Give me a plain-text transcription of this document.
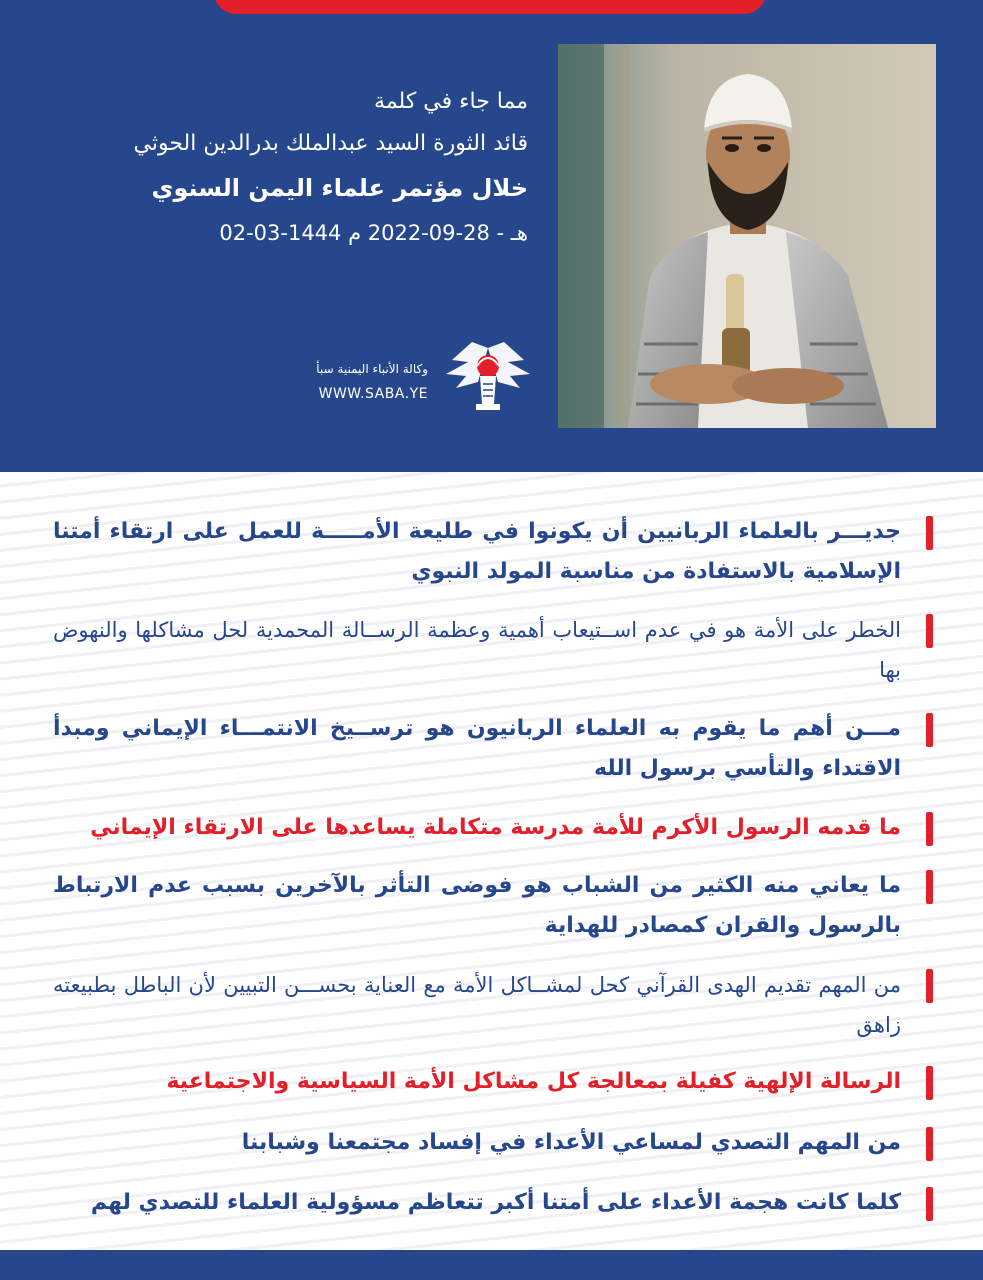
مما جاء في كلمة
قائد الثورة السيد عبدالملك بدرالدين الحوثي
خلال مؤتمر علماء اليمن السنوي
02-03-1444 هـ - 28-09-2022 م
وكالة الأنباء اليمنية سبأ
WWW.SABA.YE
جديـــر بالعلماء الربانيين أن يكونوا في طليعة الأمـــــة للعمل على ارتقاء أمتنا الإسلامية بالاستفادة من مناسبة المولد النبوي
الخطر على الأمة هو في عدم اســتيعاب أهمية وعظمة الرســالة المحمدية لحل مشاكلها والنهوض بها
مـــن أهم ما يقوم به العلماء الربانيون هو ترســيخ الانتمـــاء الإيماني ومبدأ الاقتداء والتأسي برسول الله
ما قدمه الرسول الأكرم للأمة مدرسة متكاملة يساعدها على الارتقاء الإيماني
ما يعاني منه الكثير من الشباب هو فوضى التأثر بالآخرين بسبب عدم الارتباط بالرسول والقران كمصادر للهداية
من المهم تقديم الهدى القرآني كحل لمشــاكل الأمة مع العناية بحســـن التبيين لأن الباطل بطبيعته زاهق
الرسالة الإلهية كفيلة بمعالجة كل مشاكل الأمة السياسية والاجتماعية
من المهم التصدي لمساعي الأعداء في إفساد مجتمعنا وشبابنا
كلما كانت هجمة الأعداء على أمتنا أكبر تتعاظم مسؤولية العلماء للتصدي لهم
